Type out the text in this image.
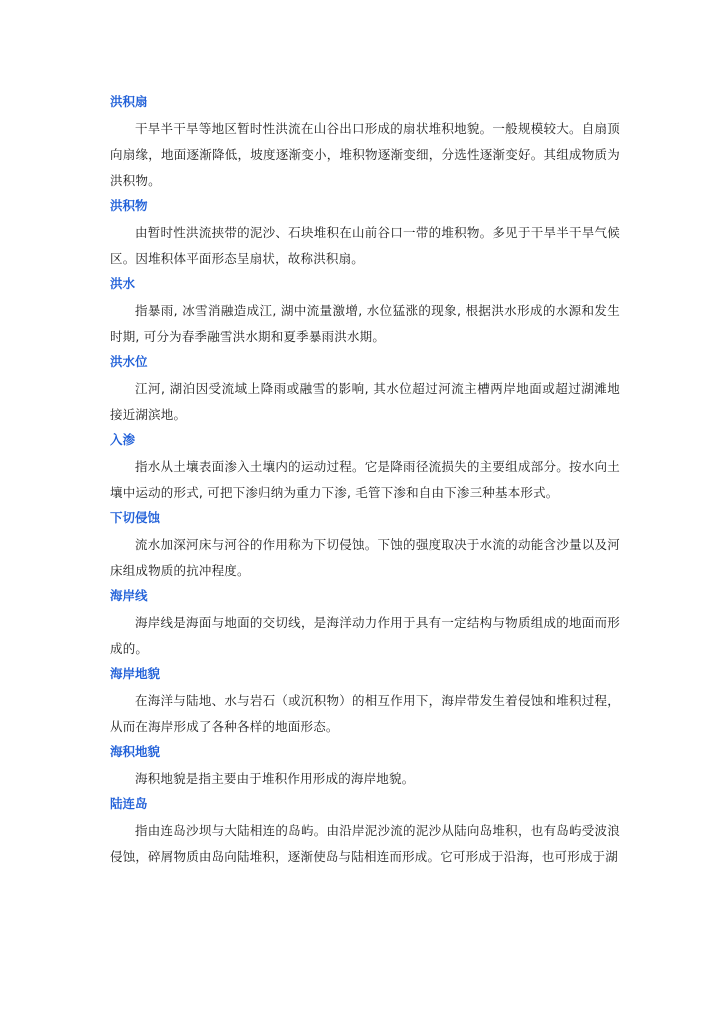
洪积扇

干旱半干旱等地区暂时性洪流在山谷出口形成的扇状堆积地貌。一般规模较大。自扇顶向扇缘，地面逐渐降低，坡度逐渐变小，堆积物逐渐变细，分选性逐渐变好。其组成物质为洪积物。

洪积物

由暂时性洪流挟带的泥沙、石块堆积在山前谷口一带的堆积物。多见于干旱半干旱气候区。因堆积体平面形态呈扇状，故称洪积扇。

洪水

指暴雨, 冰雪消融造成江, 湖中流量激增, 水位猛涨的现象, 根据洪水形成的水源和发生时期, 可分为春季融雪洪水期和夏季暴雨洪水期。

洪水位

江河, 湖泊因受流域上降雨或融雪的影响, 其水位超过河流主槽两岸地面或超过湖滩地接近湖滨地。

入渗

指水从土壤表面渗入土壤内的运动过程。它是降雨径流损失的主要组成部分。按水向土壤中运动的形式, 可把下渗归纳为重力下渗, 毛管下渗和自由下渗三种基本形式。

下切侵蚀

流水加深河床与河谷的作用称为下切侵蚀。下蚀的强度取决于水流的动能含沙量以及河床组成物质的抗冲程度。

海岸线

海岸线是海面与地面的交切线，是海洋动力作用于具有一定结构与物质组成的地面而形成的。

海岸地貌

在海洋与陆地、水与岩石（或沉积物）的相互作用下，海岸带发生着侵蚀和堆积过程，从而在海岸形成了各种各样的地面形态。

海积地貌

海积地貌是指主要由于堆积作用形成的海岸地貌。

陆连岛

指由连岛沙坝与大陆相连的岛屿。由沿岸泥沙流的泥沙从陆向岛堆积，也有岛屿受波浪侵蚀，碎屑物质由岛向陆堆积，逐渐使岛与陆相连而形成。它可形成于沿海，也可形成于湖
